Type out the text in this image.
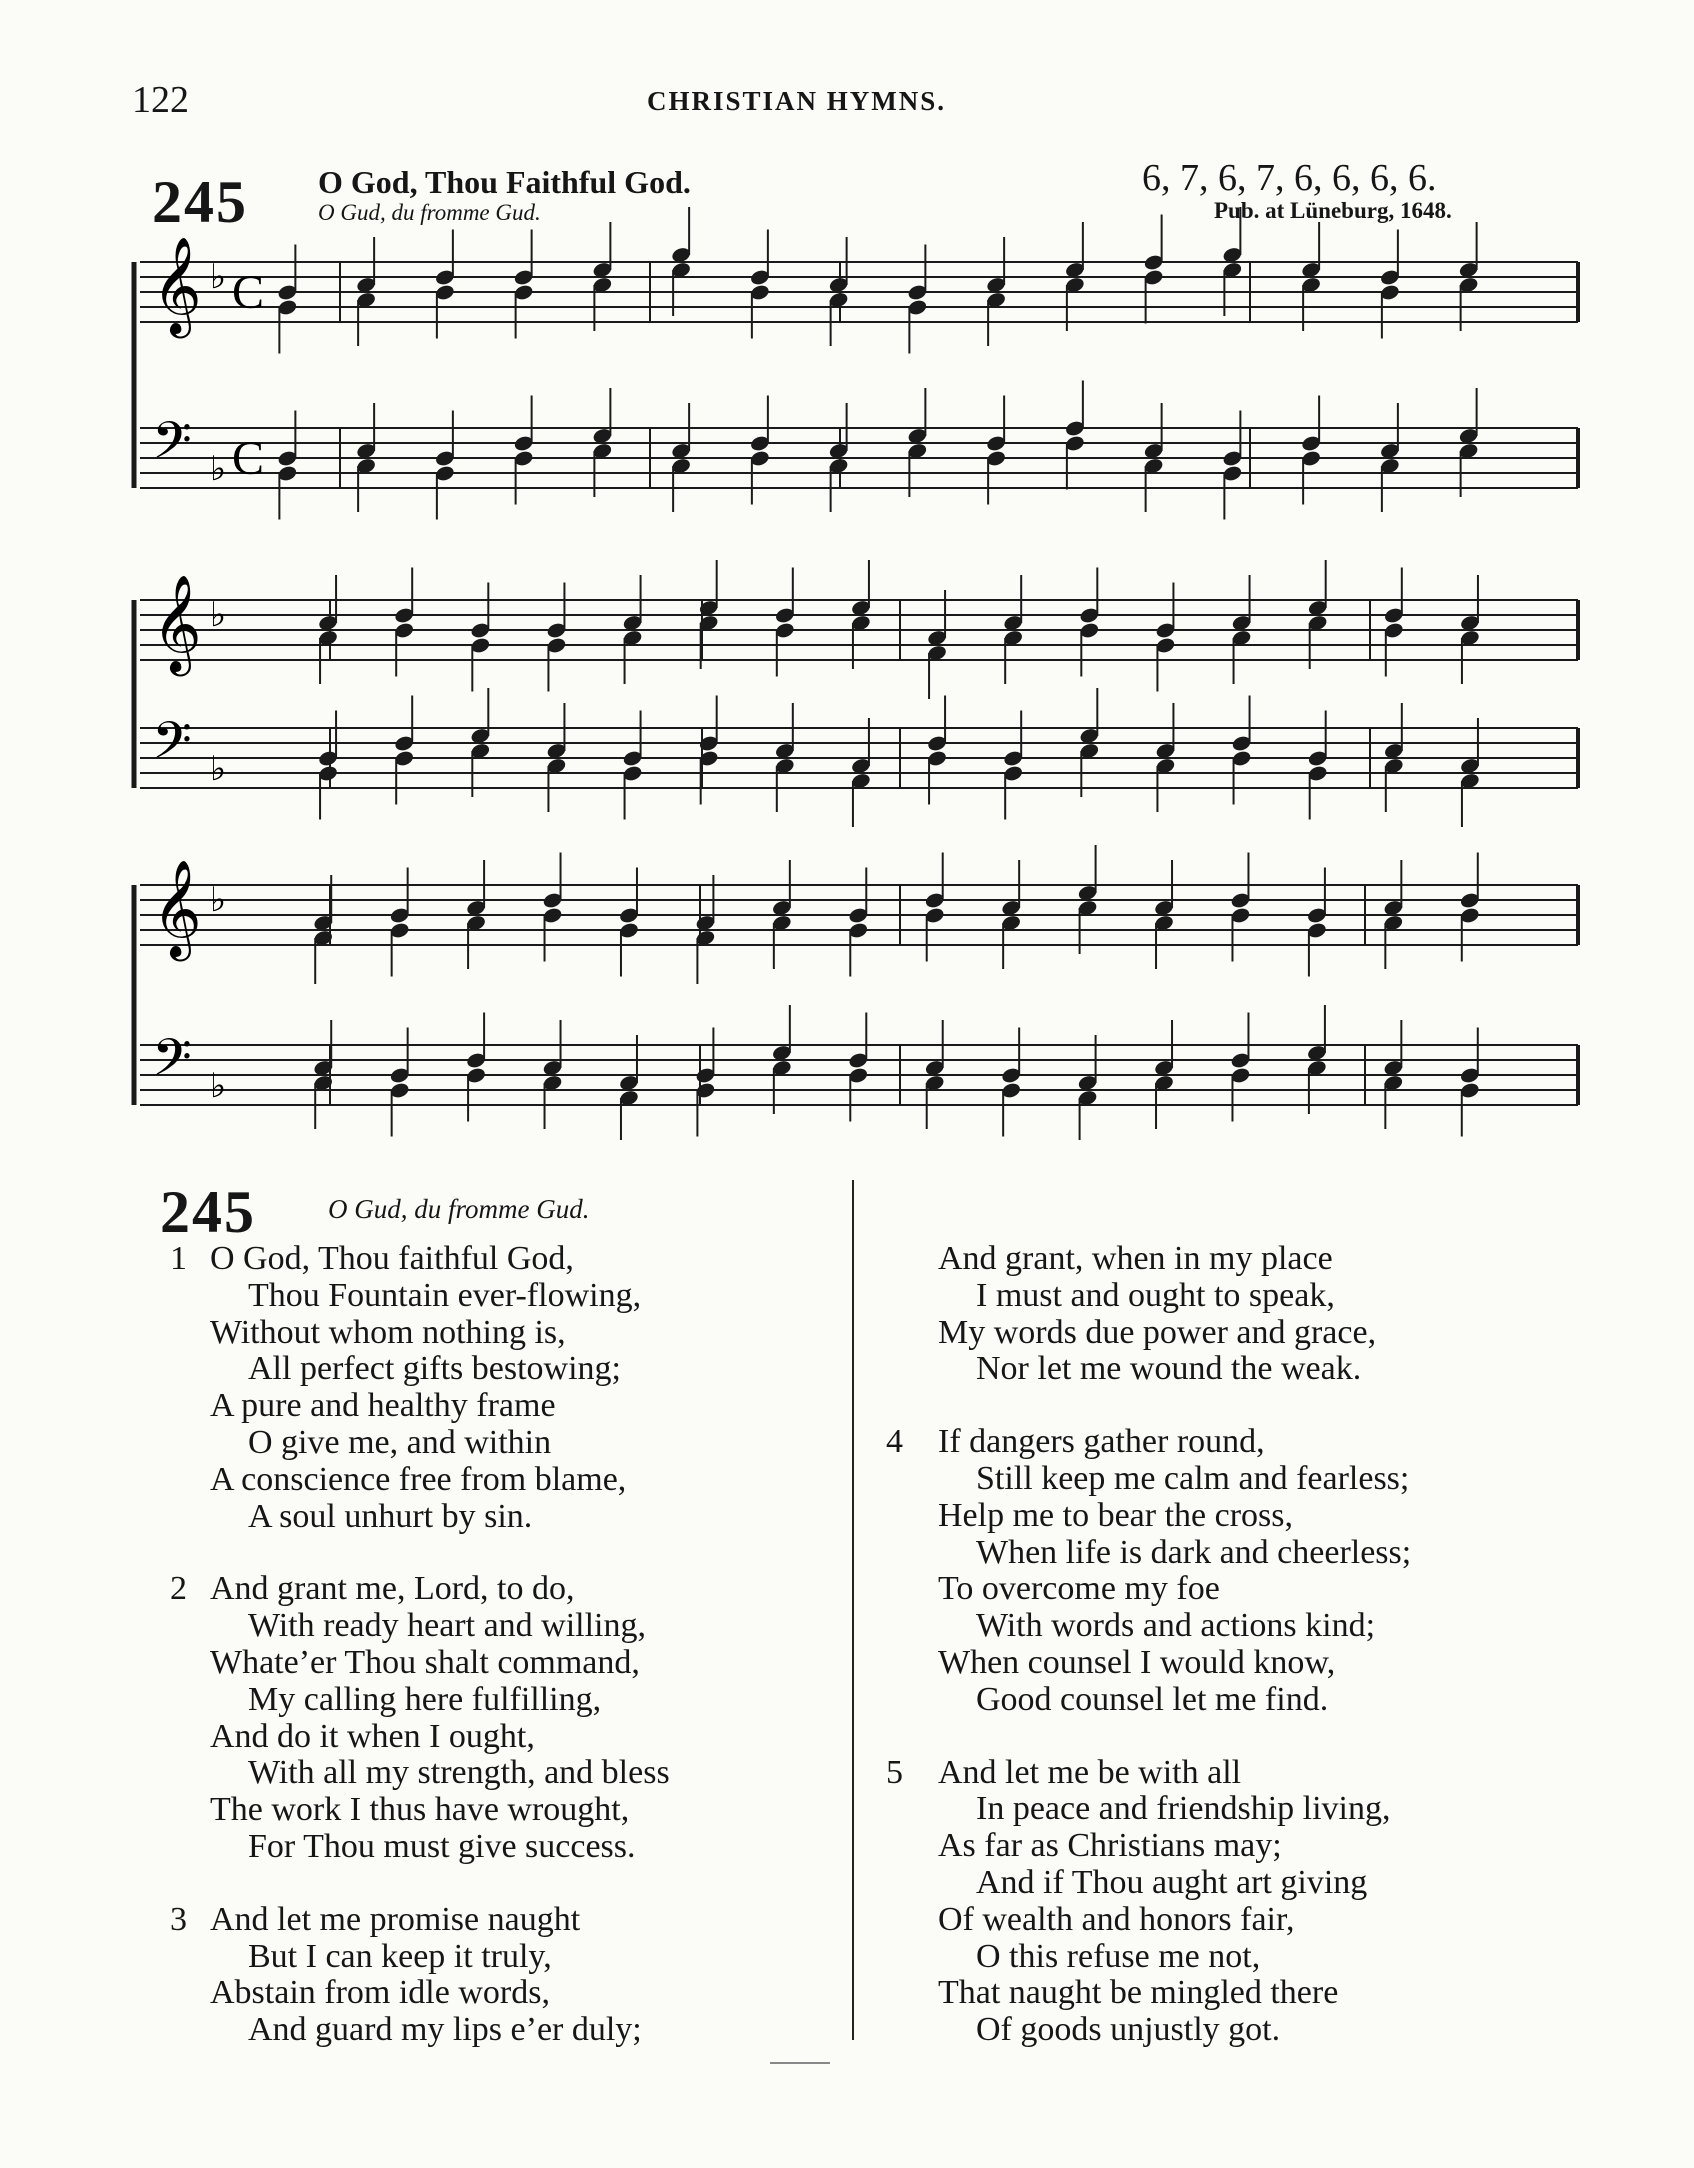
122	CHRISTIAN HYMNS.
245 O God, Thou Faithful God.
O Gud, du fromme Gud.
6, 7, 6, 7, 6, 6, 6, 6.
Pub. at Lüneburg, 1648.
𝄞 ♭ C
𝄢 ♭ C
𝄞 ♭
𝄢 ♭
𝄞 ♭
𝄢 ♭
245	O Gud, du fromme Gud.
1 O God, Thou faithful God,
Thou Fountain ever-flowing,
Without whom nothing is,
All perfect gifts bestowing;
A pure and healthy frame
O give me, and within
A conscience free from blame,
A soul unhurt by sin.
2 And grant me, Lord, to do,
With ready heart and willing,
Whate’er Thou shalt command,
My calling here fulfilling,
And do it when I ought,
With all my strength, and bless
The work I thus have wrought,
For Thou must give success.
3 And let me promise naught
But I can keep it truly,
Abstain from idle words,
And guard my lips e’er duly;
And grant, when in my place
I must and ought to speak,
My words due power and grace,
Nor let me wound the weak.
4	If dangers gather round,
Still keep me calm and fearless;
Help me to bear the cross,
When life is dark and cheerless;
To overcome my foe
With words and actions kind;
When counsel I would know,
Good counsel let me find.
5	And let me be with all
In peace and friendship living,
As far as Christians may;
And if Thou aught art giving
Of wealth and honors fair,
O this refuse me not,
That naught be mingled there
Of goods unjustly got.
